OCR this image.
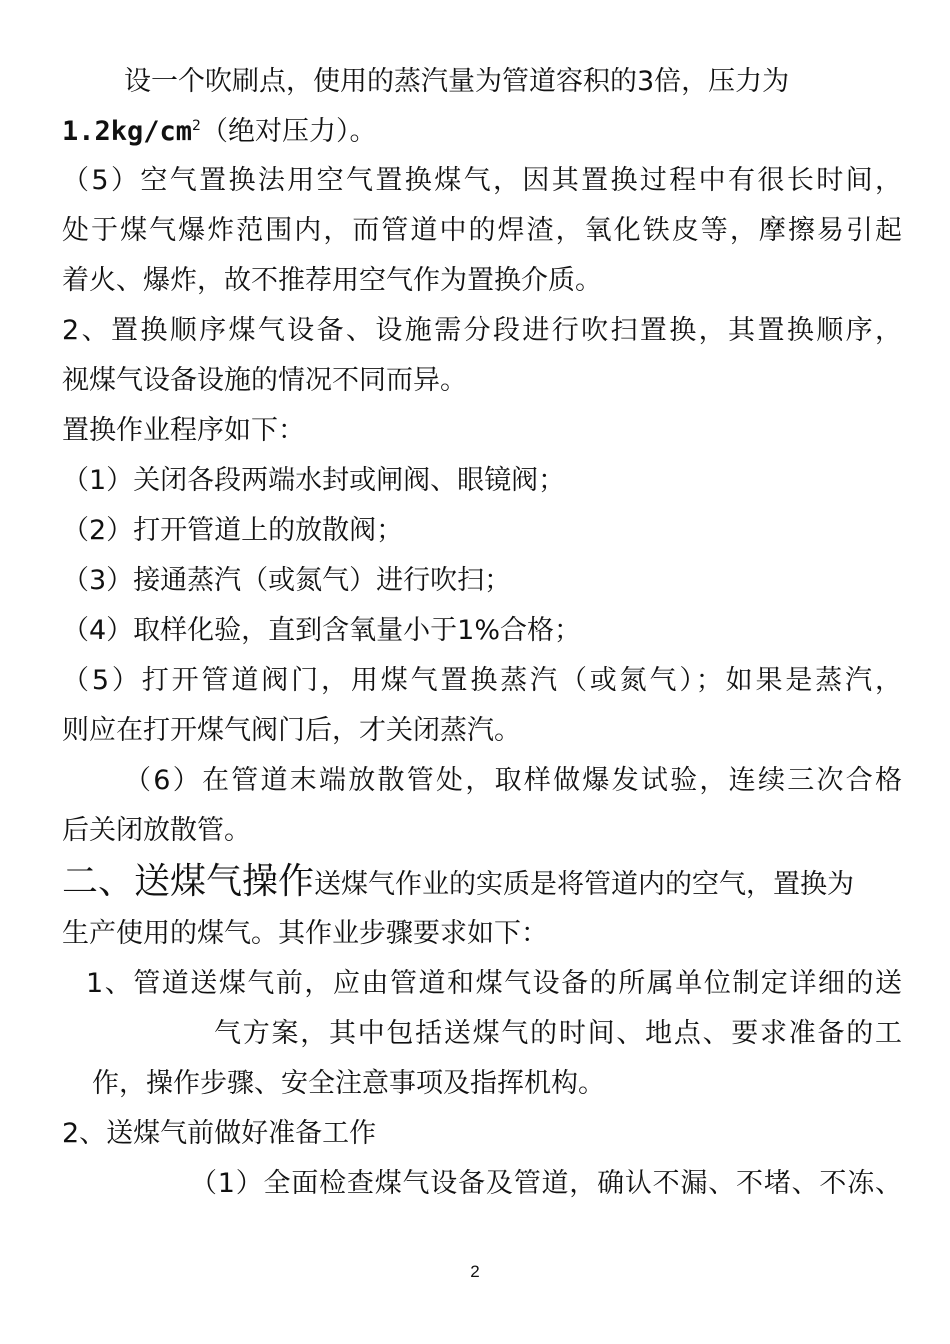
设一个吹刷点，使用的蒸汽量为管道容积的3倍，压力为
$1.2kg/cm^2$（绝对压力）。
（5）空气置换法用空气置换煤气，因其置换过程中有很长时间，
处于煤气爆炸范围内，而管道中的焊渣，氧化铁皮等，摩擦易引起
着火、爆炸，故不推荐用空气作为置换介质。
2、置换顺序煤气设备、设施需分段进行吹扫置换，其置换顺序，
视煤气设备设施的情况不同而异。
置换作业程序如下：
（1）关闭各段两端水封或闸阀、眼镜阀；
（2）打开管道上的放散阀；
（3）接通蒸汽（或氮气）进行吹扫；
（4）取样化验，直到含氧量小于1%合格；
（5）打开管道阀门，用煤气置换蒸汽（或氮气）；如果是蒸汽，
则应在打开煤气阀门后，才关闭蒸汽。
（6）在管道末端放散管处，取样做爆发试验，连续三次合格
后关闭放散管。
二、送煤气操作送煤气作业的实质是将管道内的空气，置换为
生产使用的煤气。其作业步骤要求如下：
1、管道送煤气前，应由管道和煤气设备的所属单位制定详细的送
气方案，其中包括送煤气的时间、地点、要求准备的工
作，操作步骤、安全注意事项及指挥机构。
2、送煤气前做好准备工作
（1）全面检查煤气设备及管道，确认不漏、不堵、不冻、
2
